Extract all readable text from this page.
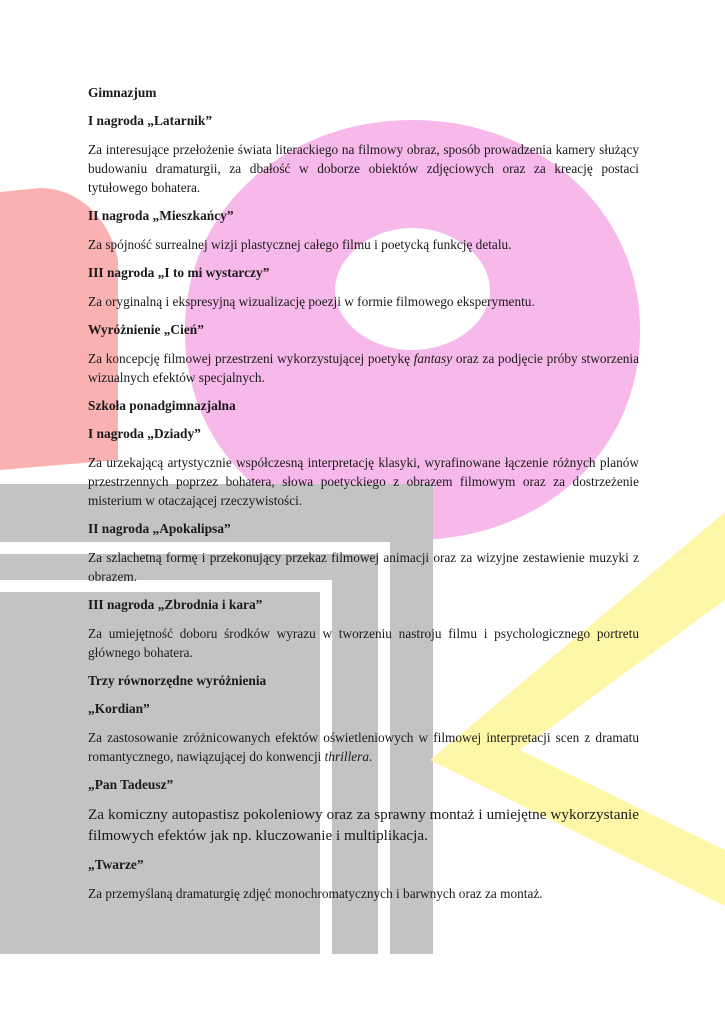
Gimnazjum
I nagroda „Latarnik”
Za interesujące przełożenie świata literackiego na filmowy obraz, sposób prowadzenia kamery służący budowaniu dramaturgii, za dbałość w doborze obiektów zdjęciowych oraz za kreację postaci tytułowego bohatera.
II nagroda „Mieszkańcy”
Za spójność surrealnej wizji plastycznej całego filmu i poetycką funkcję detalu.
III nagroda „I to mi wystarczy”
Za oryginalną i ekspresyjną wizualizację poezji w formie filmowego eksperymentu.
Wyróżnienie „Cień”
Za koncepcję filmowej przestrzeni wykorzystującej poetykę fantasy oraz za podjęcie próby stworzenia wizualnych efektów specjalnych.
Szkoła ponadgimnazjalna
I nagroda „Dziady”
Za urzekającą artystycznie współczesną interpretację klasyki, wyrafinowane łączenie różnych planów przestrzennych poprzez bohatera, słowa poetyckiego z obrazem filmowym oraz za dostrzeżenie misterium w otaczającej rzeczywistości.
II nagroda „Apokalipsa”
Za szlachetną formę i przekonujący przekaz filmowej animacji oraz za wizyjne zestawienie muzyki z obrazem.
III nagroda „Zbrodnia i kara”
Za umiejętność doboru środków wyrazu w tworzeniu nastroju filmu i psychologicznego portretu głównego bohatera.
Trzy równorzędne wyróżnienia
„Kordian”
Za zastosowanie zróżnicowanych efektów oświetleniowych w filmowej interpretacji scen z dramatu romantycznego, nawiązującej do konwencji thrillera.
„Pan Tadeusz”
Za komiczny autopastisz pokoleniowy oraz za sprawny montaż i umiejętne wykorzystanie filmowych efektów jak np. kluczowanie i multiplikacja.
„Twarze”
Za przemyślaną dramaturgię zdjęć monochromatycznych i barwnych oraz za montaż.
